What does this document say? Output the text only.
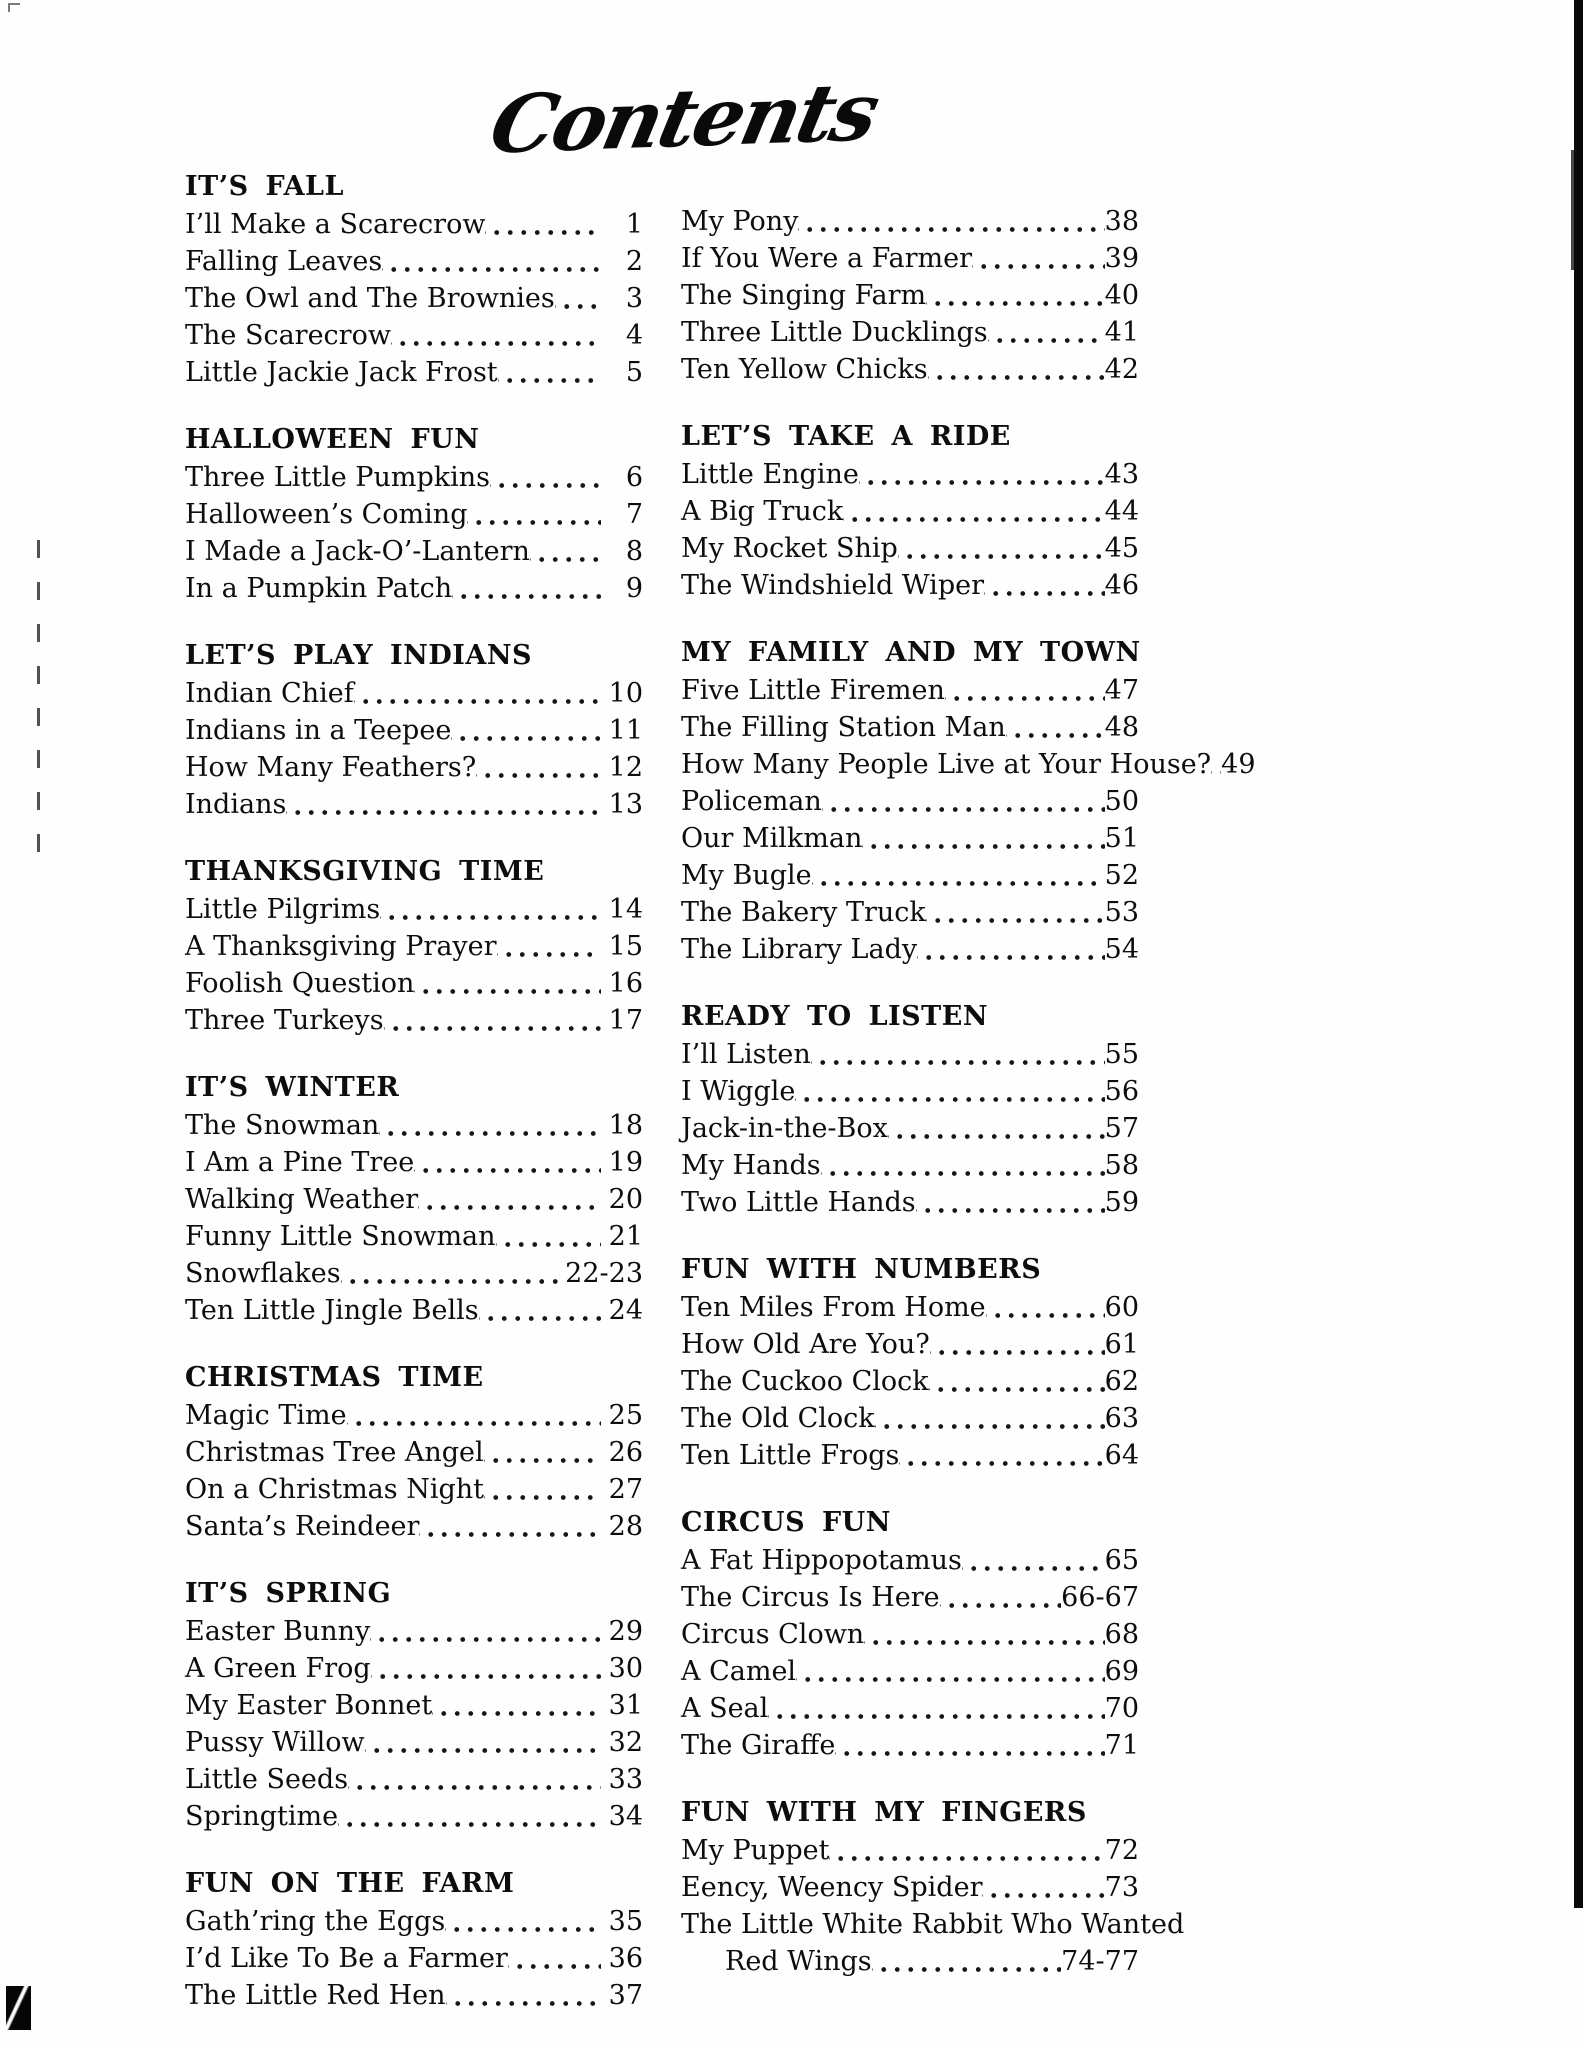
Contents
IT’S FALL
I’ll Make a Scarecrow	1
Falling Leaves	2
The Owl and The Brownies	3
The Scarecrow	4
Little Jackie Jack Frost	5
HALLOWEEN FUN
Three Little Pumpkins	6
Halloween’s Coming	7
I Made a Jack-O’-Lantern	8
In a Pumpkin Patch	9
LET’S PLAY INDIANS
Indian Chief	10
Indians in a Teepee	11
How Many Feathers?	12
Indians	13
THANKSGIVING TIME
Little Pilgrims	14
A Thanksgiving Prayer	15
Foolish Question	16
Three Turkeys	17
IT’S WINTER
The Snowman	18
I Am a Pine Tree	19
Walking Weather	20
Funny Little Snowman	21
Snowflakes	22-23
Ten Little Jingle Bells	24
CHRISTMAS TIME
Magic Time	25
Christmas Tree Angel	26
On a Christmas Night	27
Santa’s Reindeer	28
IT’S SPRING
Easter Bunny	29
A Green Frog	30
My Easter Bonnet	31
Pussy Willow	32
Little Seeds	33
Springtime	34
FUN ON THE FARM
Gath’ring the Eggs	35
I’d Like To Be a Farmer	36
The Little Red Hen	37
My Pony	38
If You Were a Farmer	39
The Singing Farm	40
Three Little Ducklings	41
Ten Yellow Chicks	42
LET’S TAKE A RIDE
Little Engine	43
A Big Truck	44
My Rocket Ship	45
The Windshield Wiper	46
MY FAMILY AND MY TOWN
Five Little Firemen	47
The Filling Station Man	48
How Many People Live at Your House? 49
Policeman	50
Our Milkman	51
My Bugle	52
The Bakery Truck	53
The Library Lady	54
READY TO LISTEN
I’ll Listen	55
I Wiggle	56
Jack-in-the-Box	57
My Hands	58
Two Little Hands	59
FUN WITH NUMBERS
Ten Miles From Home	60
How Old Are You?	61
The Cuckoo Clock	62
The Old Clock	63
Ten Little Frogs	64
CIRCUS FUN
A Fat Hippopotamus	65
The Circus Is Here	66-67
Circus Clown	68
A Camel	69
A Seal	70
The Giraffe	71
FUN WITH MY FINGERS
My Puppet	72
Eency, Weency Spider	73
The Little White Rabbit Who Wanted
Red Wings	74-77
